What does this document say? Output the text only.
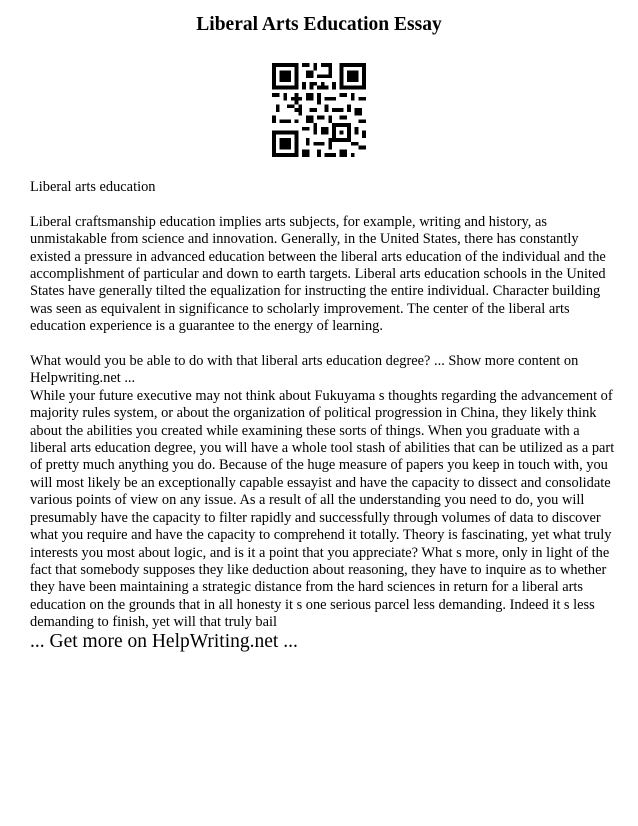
Liberal Arts Education Essay

Liberal arts education

Liberal craftsmanship education implies arts subjects, for example, writing and history, as unmistakable from science and innovation. Generally, in the United States, there has constantly existed a pressure in advanced education between the liberal arts education of the individual and the accomplishment of particular and down to earth targets. Liberal arts education schools in the United States have generally tilted the equalization for instructing the entire individual. Character building was seen as equivalent in significance to scholarly improvement. The center of the liberal arts education experience is a guarantee to the energy of learning.

What would you be able to do with that liberal arts education degree? ... Show more content on Helpwriting.net ...

While your future executive may not think about Fukuyama s thoughts regarding the advancement of majority rules system, or about the organization of political progression in China, they likely think about the abilities you created while examining these sorts of things. When you graduate with a liberal arts education degree, you will have a whole tool stash of abilities that can be utilized as a part of pretty much anything you do. Because of the huge measure of papers you keep in touch with, you will most likely be an exceptionally capable essayist and have the capacity to dissect and consolidate various points of view on any issue. As a result of all the understanding you need to do, you will presumably have the capacity to filter rapidly and successfully through volumes of data to discover what you require and have the capacity to comprehend it totally. Theory is fascinating, yet what truly interests you most about logic, and is it a point that you appreciate? What s more, only in light of the fact that somebody supposes they like deduction about reasoning, they have to inquire as to whether they have been maintaining a strategic distance from the hard sciences in return for a liberal arts education on the grounds that in all honesty it s one serious parcel less demanding. Indeed it s less demanding to finish, yet will that truly bail

... Get more on HelpWriting.net ...
